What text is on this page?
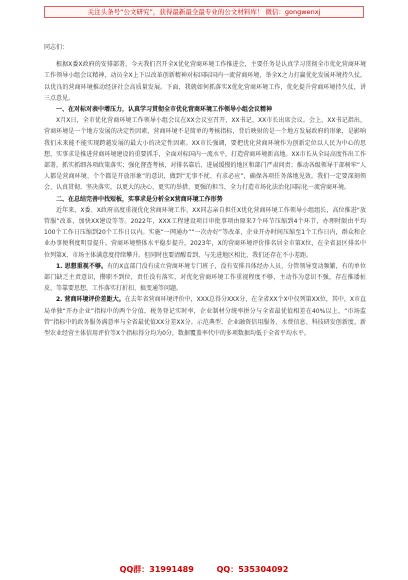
关注头条号“公文研究”，获得最新最全最专业的公文材料库！ 微信：gongwenxj

同志们：

根据X委X政府的安排部署，今天我们召开全X优化营商环境工作推进会，主要任务是认真学习贯彻全市优化营商环境工作领导小组会议精神，动员全X上下以改革创新精神对标国际国内一流营商环境，举全X之力打赢优化发展环境持久仗，以优良的营商环境推动经济社会高质量发展。下面，我就如何抓落实X优化营商环境工作，优化提升营商环境持久仗，讲三点意见。

一、在对标对表中增压力，认真学习贯彻全市优化营商环境工作领导小组会议精神

X月X日，全市优化营商环境工作领导小组会议在XX会议室召开，XX书记、XX市长出席会议。会上，XX书记指出，营商环境是一个地方发展的决定性因素，营商环境不是简单的考核指标，背后映射的是一个地方发展政府的形象，是影响我们未来能不能实现跨越发展的最大小的决定性因素。XX市长强调，要把优化营商环境作为创新定位以人民为中心的思想、实事求是推进营商环境建设的重要抓手，全面对标国内一流水平，打造营商环境新高地。XX市长从全局高度作出工作部署，抓实抓细各项政策落实；强化督查考核，对排名靠后、进展缓慢的地区和部门严肃问责；推动各级领导干部树牢“人人都是营商环境、个个都是开放形象”的意识，做到“无事不扰、有求必应”，确保各项任务落地见效。我们一定要深刻领会、认真贯彻、坚决落实，以更大的决心、更实的举措、更强的担当，全力打造市场化法治化国际化一流营商环境。

二、在总结完善中找短板，实事求是分析全X营商环境工作形势

近年来，X委、X政府高度重视优化营商环境工作，XX同志亲自担任X优化营商环境工作领导小组组长，高位推进“放管服”改革，加快XX建设等等。2022年，XXX工程建设项目审批事项由原来7个环节压缩到4个环节，办理时限由平均100个工作日压缩到20个工作日以内。实施“一网通办”“一次办好”等改革，企业开办时间压缩至1个工作日内，群众和企业办事便利度明显提升。营商环境整体水平稳步提升，2023年，X的营商环境评价排名居全市第X位，在全省县区排名中位列第X，市场主体满意度持续攀升。但同时也要清醒看到，与先进地区相比，我们还存在不小差距。

1. 思想重视不够。有的X直部门没有成立营商环境专门班子，没有安排具体经办人员，分管领导变动频繁，有的单位部门缺乏主责意识，攒职不到位，责任没有落实，对优化营商环境工作重视程度不够，主动作为意识不强，存在推诿扯皮、等靠要思想，工作落实打折扣、搞变通等问题。

2. 营商环境评价差距大。在去年省营商环境评价中，XXX总得分XXX分，在全省XX个X中仅列第XX位，其中，X市直局单独“开办企业”指标中的两个分值，税务登记实时率，企业制材分统率拼分与全省最优值相差在40%以上，“市场监管”指标中的政务服务满意率与全省最优值XX分差XX分。示范典型、企业融资信用服务、水费信息、科技研发创新度、新型农业经营主体信用评价等X个指标得分均为0分，数据覆盖率代中的多项数据均低于全省平均水平。

QQ群：31991489	QQ：535304092
